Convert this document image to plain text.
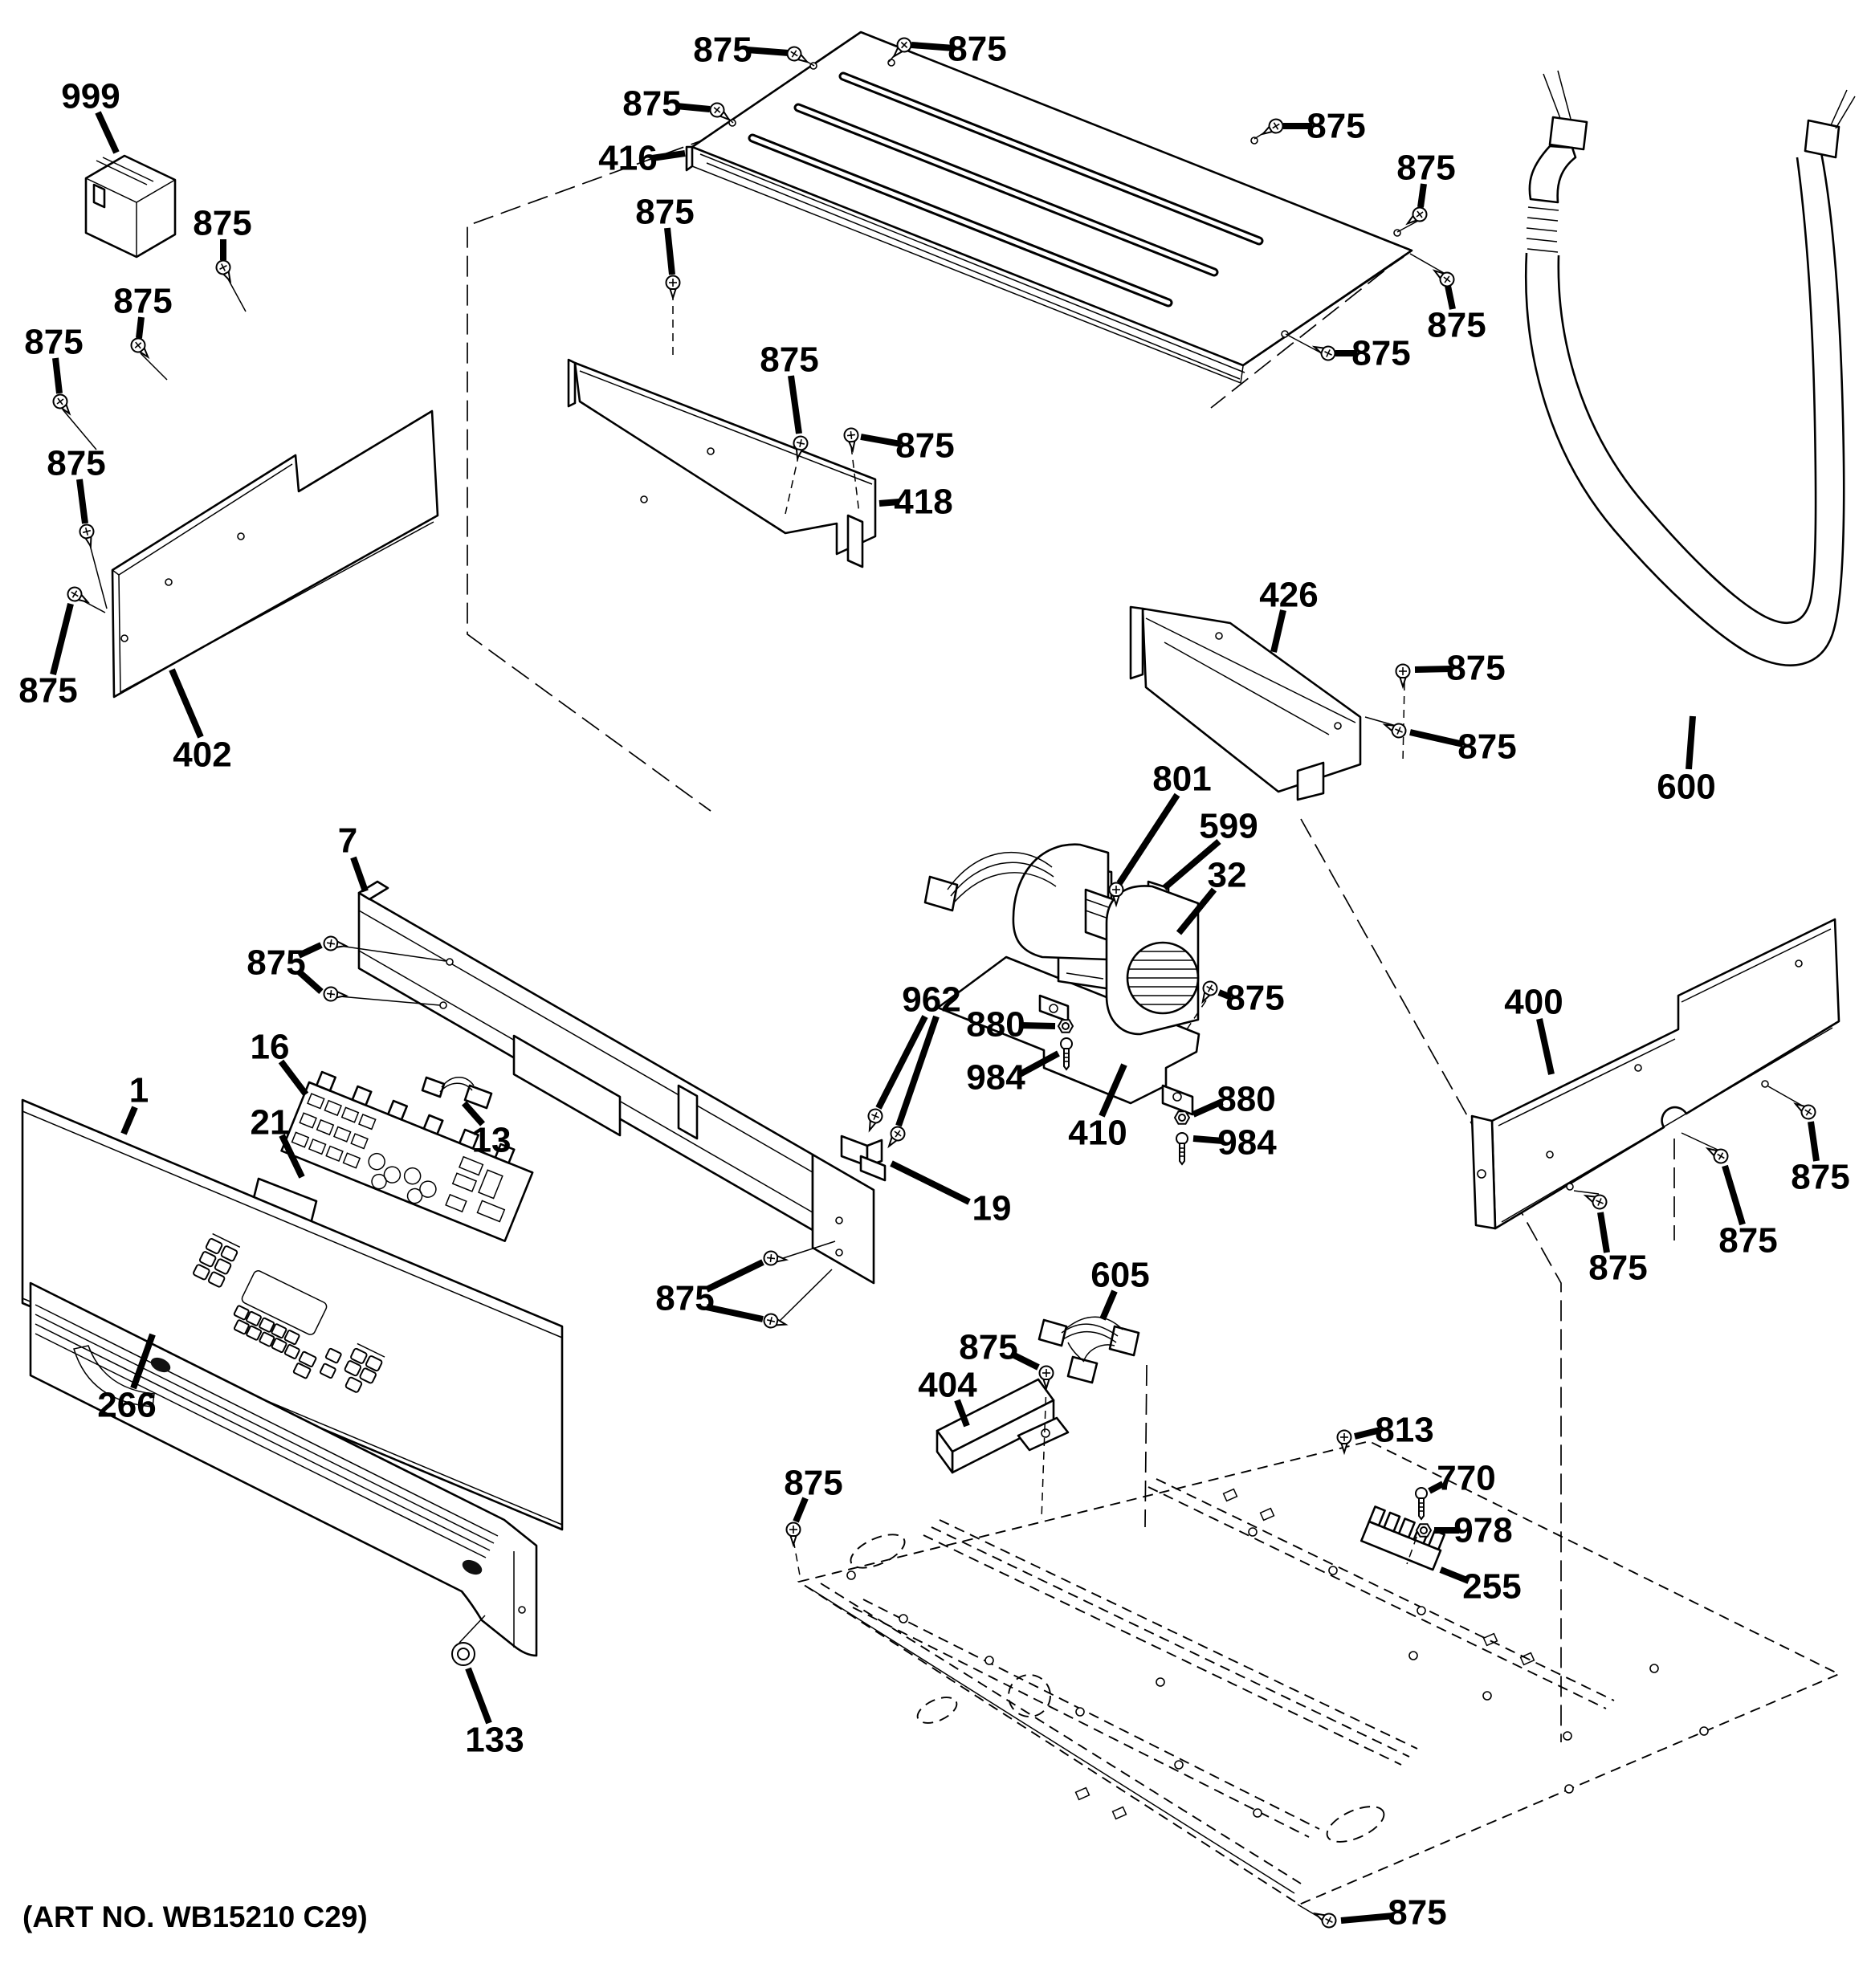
(ART NO. WB15210 C29)
875	875
875
416
875
875
875
875
875
999
875
875
875
875
875
402
875
875
418
426
875
875
600
801
599
32
880
984
875
880
984
410
962
19
875
7
875
16
21	13
1
266
133
400
875
875
875
404
875
605
875
813
770
978
255
875
